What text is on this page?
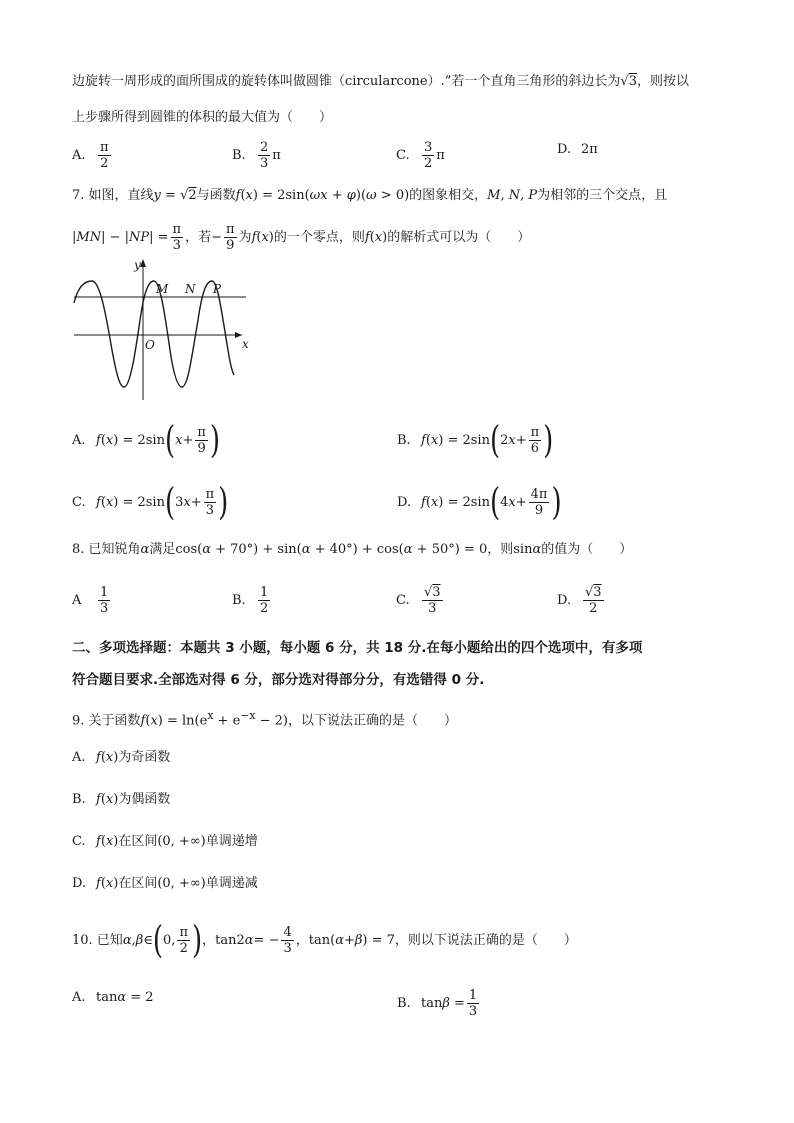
边旋转一周形成的面所围成的旋转体叫做圆锥（circularcone）.”若一个直角三角形的斜边长为√3，则按以
上步骤所得到圆锥的体积的最大值为（　　）
A. $\frac{\pi}{2}$	B. $\frac{2}{3}$ π	C. $\frac{3}{2}$ π	D. 2π
7. 如图，直线y = √2与函数f(x) = 2sin(ωx + φ)(ω > 0)的图象相交，M, N, P为相邻的三个交点，且
$|MN| - |NP| = \frac{\pi}{3}$ ，若 − $\frac{\pi}{9}$ 为 f ( x ) 的一个零点，则 f ( x ) 的解析式可以为（　　）
y
x
O
M N P
A. f ( x ) = 2sin ( $x + \frac{\pi}{9}$ )	B. f ( x ) = 2sin ( 2 $x + \frac{\pi}{6}$ )
C. f ( x ) = 2sin ( 3 $x + \frac{\pi}{3}$ )	D. f ( x ) = 2sin ( 4 $x + \frac{4\pi}{9}$ )
8. 已知锐角α满足cos(α + 70°) + sin(α + 40°) + cos(α + 50°) = 0，则sinα的值为（　　）
A	$\frac{1}{3}$	B. $\frac{1}{2}$	C. $\frac{√3}{3}$	D. $\frac{√3}{2}$
二、多项选择题：本题共 3 小题，每小题 6 分，共 18 分.在每小题给出的四个选项中，有多项
符合题目要求.全部选对得 6 分，部分选对得部分分，有选错得 0 分.
9. 关于函数$f(x) = \ln(e^x + e^{-x} - 2)$，以下说法正确的是（　　）
A. f ( x ) 为奇函数
B. f ( x ) 为偶函数
C. f ( x ) 在区间 (0, +∞) 单调递增
D. f ( x ) 在区间 (0, +∞) 单调递减
10. 已知 α , β ∈ ( 0, $\frac{\pi}{2}$ ) ， tan2 α = − $\frac{4}{3}$ ， tan( α + β ) = 7 ，则以下说法正确的是（　　）
A. tanα = 2	B. $\tan\beta = \frac{1}{3}$
